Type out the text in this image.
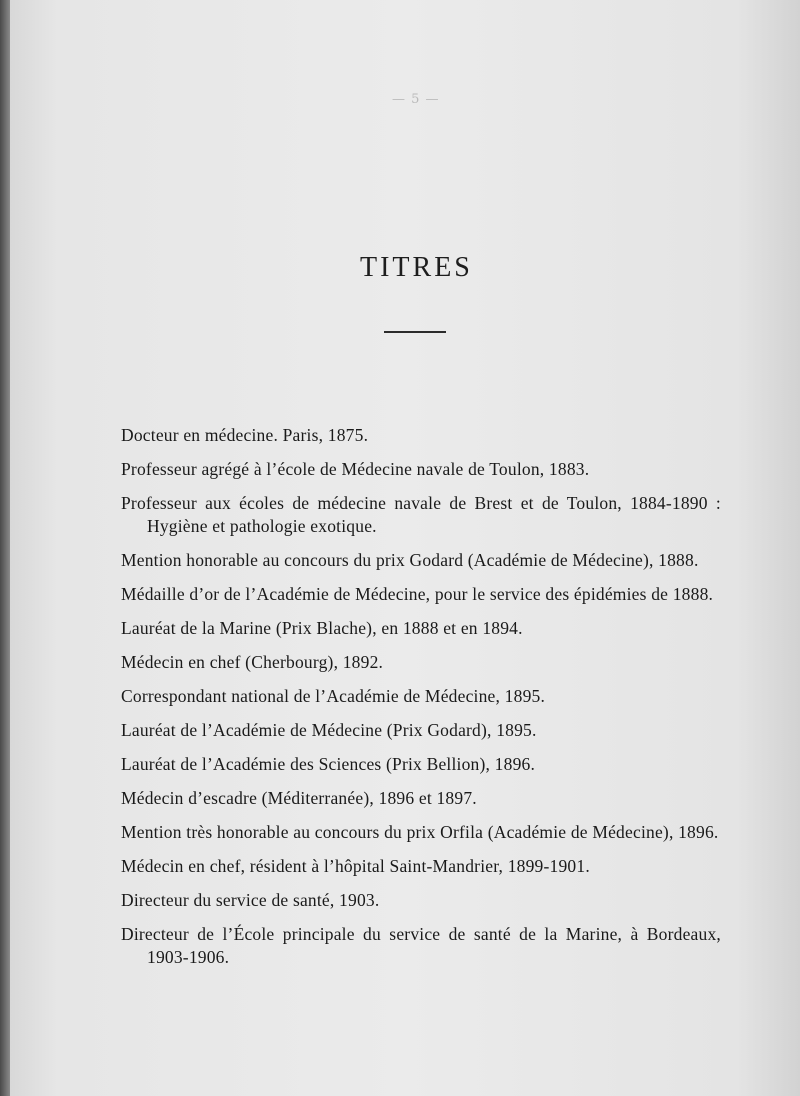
— 5 —
TITRES
Docteur en médecine. Paris, 1875.
Professeur agrégé à l’école de Médecine navale de Toulon, 1883.
Professeur aux écoles de médecine navale de Brest et de Toulon, 1884-1890 : Hygiène et pathologie exotique.
Mention honorable au concours du prix Godard (Académie de Médecine), 1888.
Médaille d’or de l’Académie de Médecine, pour le service des épidémies de 1888.
Lauréat de la Marine (Prix Blache), en 1888 et en 1894.
Médecin en chef (Cherbourg), 1892.
Correspondant national de l’Académie de Médecine, 1895.
Lauréat de l’Académie de Médecine (Prix Godard), 1895.
Lauréat de l’Académie des Sciences (Prix Bellion), 1896.
Médecin d’escadre (Méditerranée), 1896 et 1897.
Mention très honorable au concours du prix Orfila (Académie de Médecine), 1896.
Médecin en chef, résident à l’hôpital Saint-Mandrier, 1899-1901.
Directeur du service de santé, 1903.
Directeur de l’École principale du service de santé de la Marine, à Bordeaux, 1903-1906.
